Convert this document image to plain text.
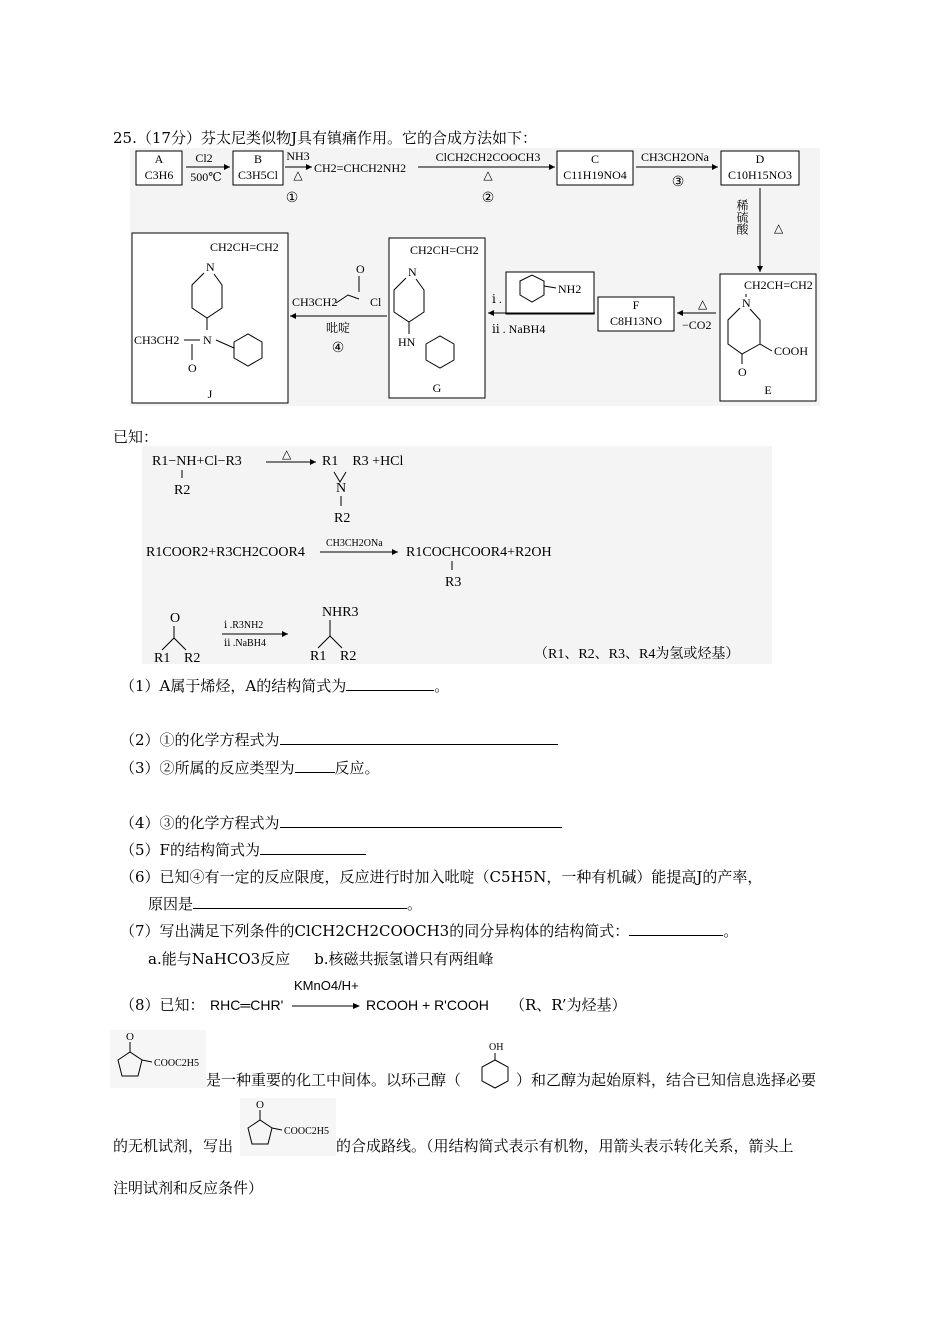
25.（17分）芬太尼类似物J具有镇痛作用。它的合成方法如下：
A
C3H6
Cl2
500℃
B
C3H5Cl
NH3
△
①
CH2=CHCH2NH2
ClCH2CH2COOCH3
△
②
C
C11H19NO4
CH3CH2ONa
③
D
C10H15NO3
稀硫酸 △
CH2CH=CH2
N
O
COOH
E
△
−CO2
F
C8H13NO
NH2
ⅰ .
ⅱ . NaBH4
CH2CH=CH2
N
HN
G
O
CH3CH2	Cl
吡啶
④
CH2CH=CH2
N
N
CH3CH2
O
J
已知：
R1−NH+Cl−R3
R2
△ R1    R3 +HCl
N
R2
R1COOR2+R3CH2COOR4
CH3CH2ONa
R1COCHCOOR4+R2OH
R3
O
R1 R2
ⅰ .R3NH2
ⅱ .NaBH4
NHR3
R1 R2	（R1、R2、R3、R4为氢或烃基）
（1）A属于烯烃，A的结构简式为	。
（2）①的化学方程式为
（3）②所属的反应类型为	反应。
（4）③的化学方程式为
（5）F的结构简式为
（6）已知④有一定的反应限度，反应进行时加入吡啶（C5H5N，一种有机碱）能提高J的产率，
原因是	。
（7）写出满足下列条件的ClCH2CH2COOCH3的同分异构体的结构简式：	。
a.能与NaHCO3反应 b.核磁共振氢谱只有两组峰
（8）已知： RHC═CHR'
KMnO4/H+
RCOOH + R'COOH （R、R’为烃基）
O
COOC2H5
是一种重要的化工中间体。以环己醇（
OH
）和乙醇为起始原料，结合已知信息选择必要
的无机试剂，写出
O
COOC2H5
的合成路线。（用结构简式表示有机物，用箭头表示转化关系，箭头上
注明试剂和反应条件）
